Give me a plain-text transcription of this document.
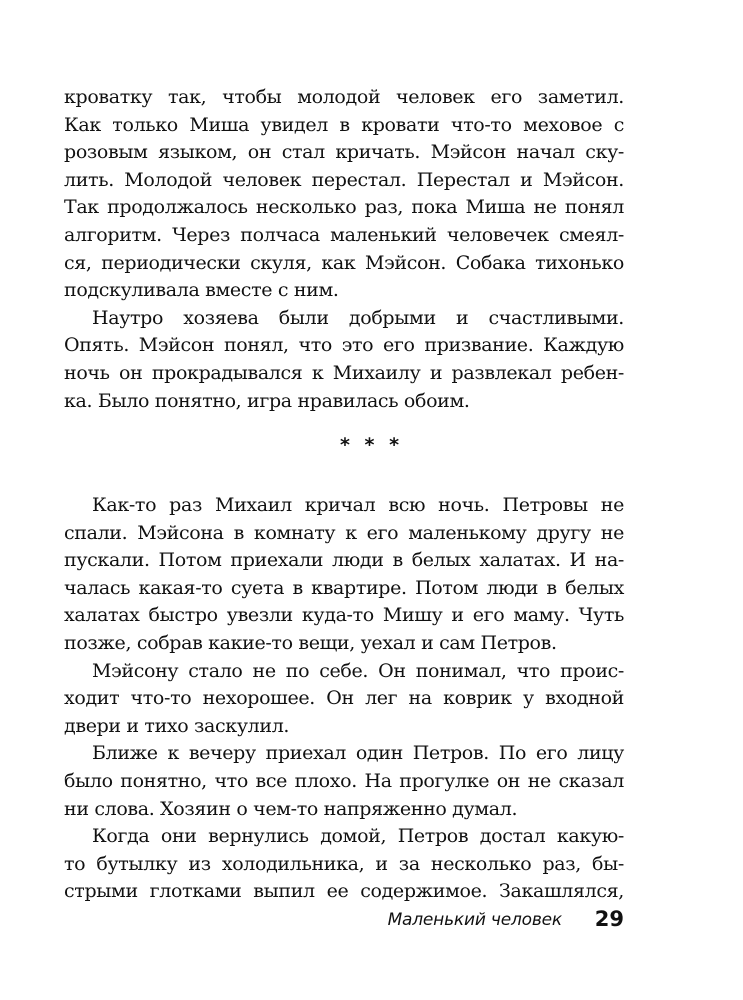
кроватку так, чтобы молодой человек его заметил.
Как только Миша увидел в кровати что-то меховое с
розовым языком, он стал кричать. Мэйсон начал ску-
лить. Молодой человек перестал. Перестал и Мэйсон.
Так продолжалось несколько раз, пока Миша не понял
алгоритм. Через полчаса маленький человечек смеял-
ся, периодически скуля, как Мэйсон. Собака тихонько
подскуливала вместе с ним.
Наутро хозяева были добрыми и счастливыми.
Опять. Мэйсон понял, что это его призвание. Каждую
ночь он прокрадывался к Михаилу и развлекал ребен-
ка. Было понятно, игра нравилась обоим.
* * *
Как-то раз Михаил кричал всю ночь. Петровы не
спали. Мэйсона в комнату к его маленькому другу не
пускали. Потом приехали люди в белых халатах. И на-
чалась какая-то суета в квартире. Потом люди в белых
халатах быстро увезли куда-то Мишу и его маму. Чуть
позже, собрав какие-то вещи, уехал и сам Петров.
Мэйсону стало не по себе. Он понимал, что проис-
ходит что-то нехорошее. Он лег на коврик у входной
двери и тихо заскулил.
Ближе к вечеру приехал один Петров. По его лицу
было понятно, что все плохо. На прогулке он не сказал
ни слова. Хозяин о чем-то напряженно думал.
Когда они вернулись домой, Петров достал какую-
то бутылку из холодильника, и за несколько раз, бы-
стрыми глотками выпил ее содержимое. Закашлялся,
Маленький человек 29
